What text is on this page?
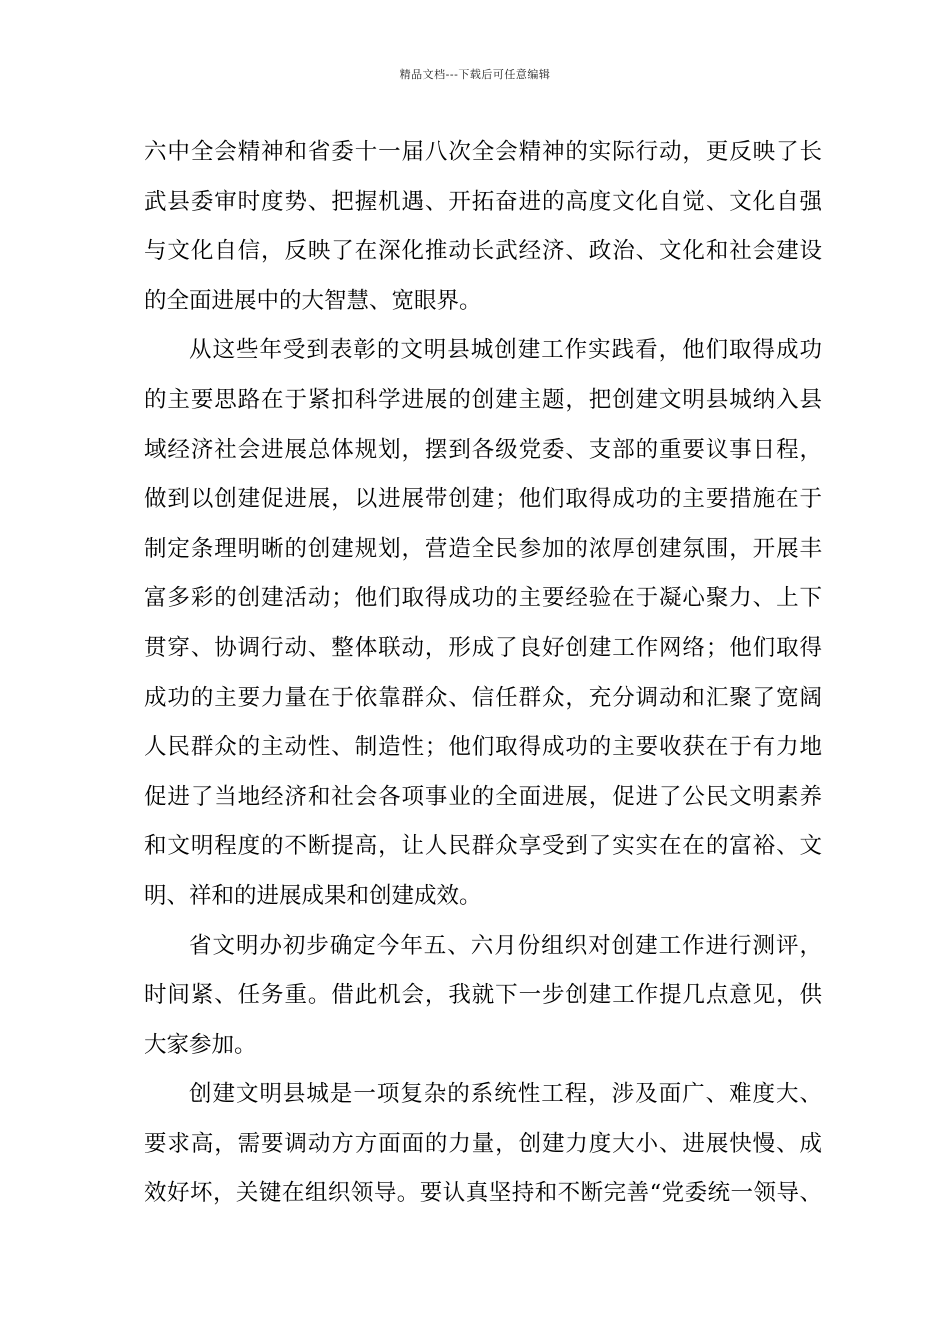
精品文档---下载后可任意编辑

六中全会精神和省委十一届八次全会精神的实际行动，更反映了长
武县委审时度势、把握机遇、开拓奋进的高度文化自觉、文化自强
与文化自信，反映了在深化推动长武经济、政治、文化和社会建设
的全面进展中的大智慧、宽眼界。

从这些年受到表彰的文明县城创建工作实践看，他们取得成功
的主要思路在于紧扣科学进展的创建主题，把创建文明县城纳入县
域经济社会进展总体规划，摆到各级党委、支部的重要议事日程，
做到以创建促进展，以进展带创建；他们取得成功的主要措施在于
制定条理明晰的创建规划，营造全民参加的浓厚创建氛围，开展丰
富多彩的创建活动；他们取得成功的主要经验在于凝心聚力、上下
贯穿、协调行动、整体联动，形成了良好创建工作网络；他们取得
成功的主要力量在于依靠群众、信任群众，充分调动和汇聚了宽阔
人民群众的主动性、制造性；他们取得成功的主要收获在于有力地
促进了当地经济和社会各项事业的全面进展，促进了公民文明素养
和文明程度的不断提高，让人民群众享受到了实实在在的富裕、文
明、祥和的进展成果和创建成效。

省文明办初步确定今年五、六月份组织对创建工作进行测评，
时间紧、任务重。借此机会，我就下一步创建工作提几点意见，供
大家参加。

创建文明县城是一项复杂的系统性工程，涉及面广、难度大、
要求高，需要调动方方面面的力量，创建力度大小、进展快慢、成
效好坏，关键在组织领导。要认真坚持和不断完善“党委统一领导、
